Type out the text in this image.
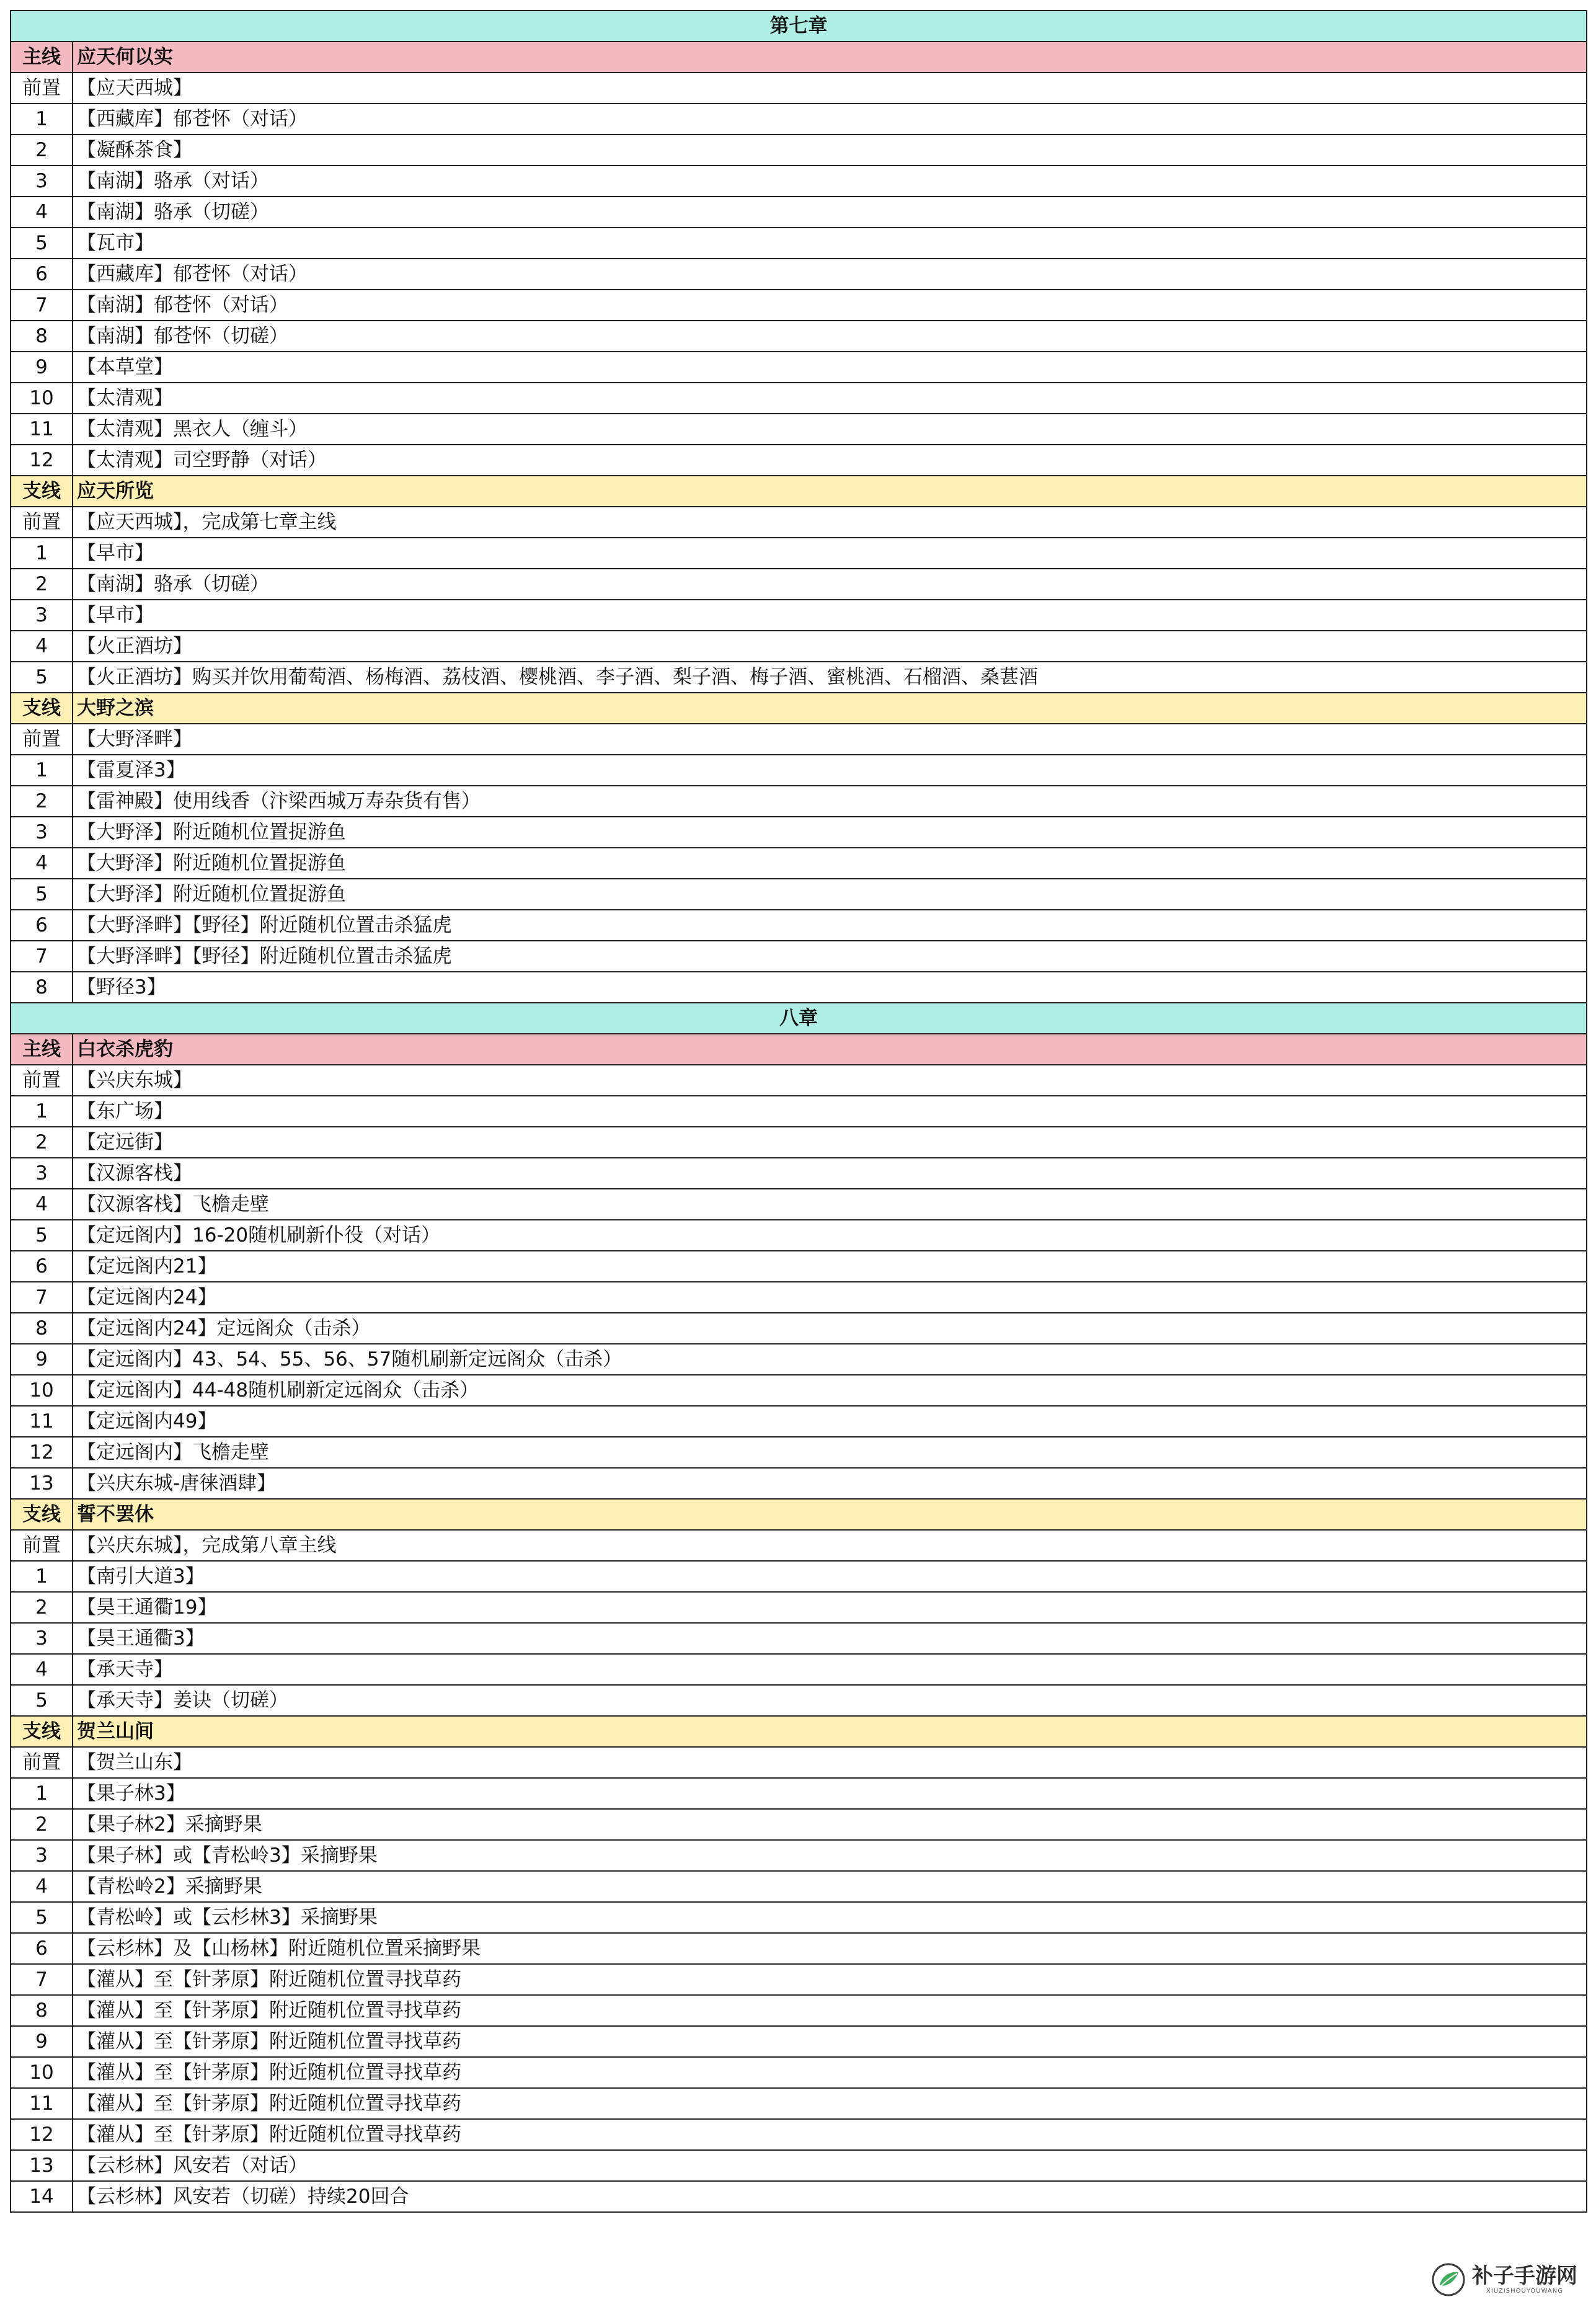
第七章	
主线	应天何以实
前置	【应天西城】
1	【西藏库】郁苍怀（对话）
2	【凝酥茶食】
3	【南湖】骆承（对话）
4	【南湖】骆承（切磋）
5	【瓦市】
6	【西藏库】郁苍怀（对话）
7	【南湖】郁苍怀（对话）
8	【南湖】郁苍怀（切磋）
9	【本草堂】
10	【太清观】
11	【太清观】黑衣人（缠斗）
12	【太清观】司空野静（对话）
支线	应天所览
前置	【应天西城】，完成第七章主线
1	【早市】
2	【南湖】骆承（切磋）
3	【早市】
4	【火正酒坊】
5	【火正酒坊】购买并饮用葡萄酒、杨梅酒、荔枝酒、樱桃酒、李子酒、梨子酒、梅子酒、蜜桃酒、石榴酒、桑葚酒
支线	大野之滨
前置	【大野泽畔】
1	【雷夏泽3】
2	【雷神殿】使用线香（汴梁西城万寿杂货有售）
3	【大野泽】附近随机位置捉游鱼
4	【大野泽】附近随机位置捉游鱼
5	【大野泽】附近随机位置捉游鱼
6	【大野泽畔】【野径】附近随机位置击杀猛虎
7	【大野泽畔】【野径】附近随机位置击杀猛虎
8	【野径3】
八章	
主线	白衣杀虎豹
前置	【兴庆东城】
1	【东广场】
2	【定远街】
3	【汉源客栈】
4	【汉源客栈】飞檐走壁
5	【定远阁内】16-20随机刷新仆役（对话）
6	【定远阁内21】
7	【定远阁内24】
8	【定远阁内24】定远阁众（击杀）
9	【定远阁内】43、54、55、56、57随机刷新定远阁众（击杀）
10	【定远阁内】44-48随机刷新定远阁众（击杀）
11	【定远阁内49】
12	【定远阁内】飞檐走壁
13	【兴庆东城-唐徕酒肆】
支线	誓不罢休
前置	【兴庆东城】，完成第八章主线
1	【南引大道3】
2	【昊王通衢19】
3	【昊王通衢3】
4	【承天寺】
5	【承天寺】姜诀（切磋）
支线	贺兰山间
前置	【贺兰山东】
1	【果子林3】
2	【果子林2】采摘野果
3	【果子林】或【青松岭3】采摘野果
4	【青松岭2】采摘野果
5	【青松岭】或【云杉林3】采摘野果
6	【云杉林】及【山杨林】附近随机位置采摘野果
7	【灌从】至【针茅原】附近随机位置寻找草药
8	【灌从】至【针茅原】附近随机位置寻找草药
9	【灌从】至【针茅原】附近随机位置寻找草药
10	【灌从】至【针茅原】附近随机位置寻找草药
11	【灌从】至【针茅原】附近随机位置寻找草药
12	【灌从】至【针茅原】附近随机位置寻找草药
13	【云杉林】风安若（对话）
14	【云杉林】风安若（切磋）持续20回合
补子手游网
XIUZISHOUYOUWANG
